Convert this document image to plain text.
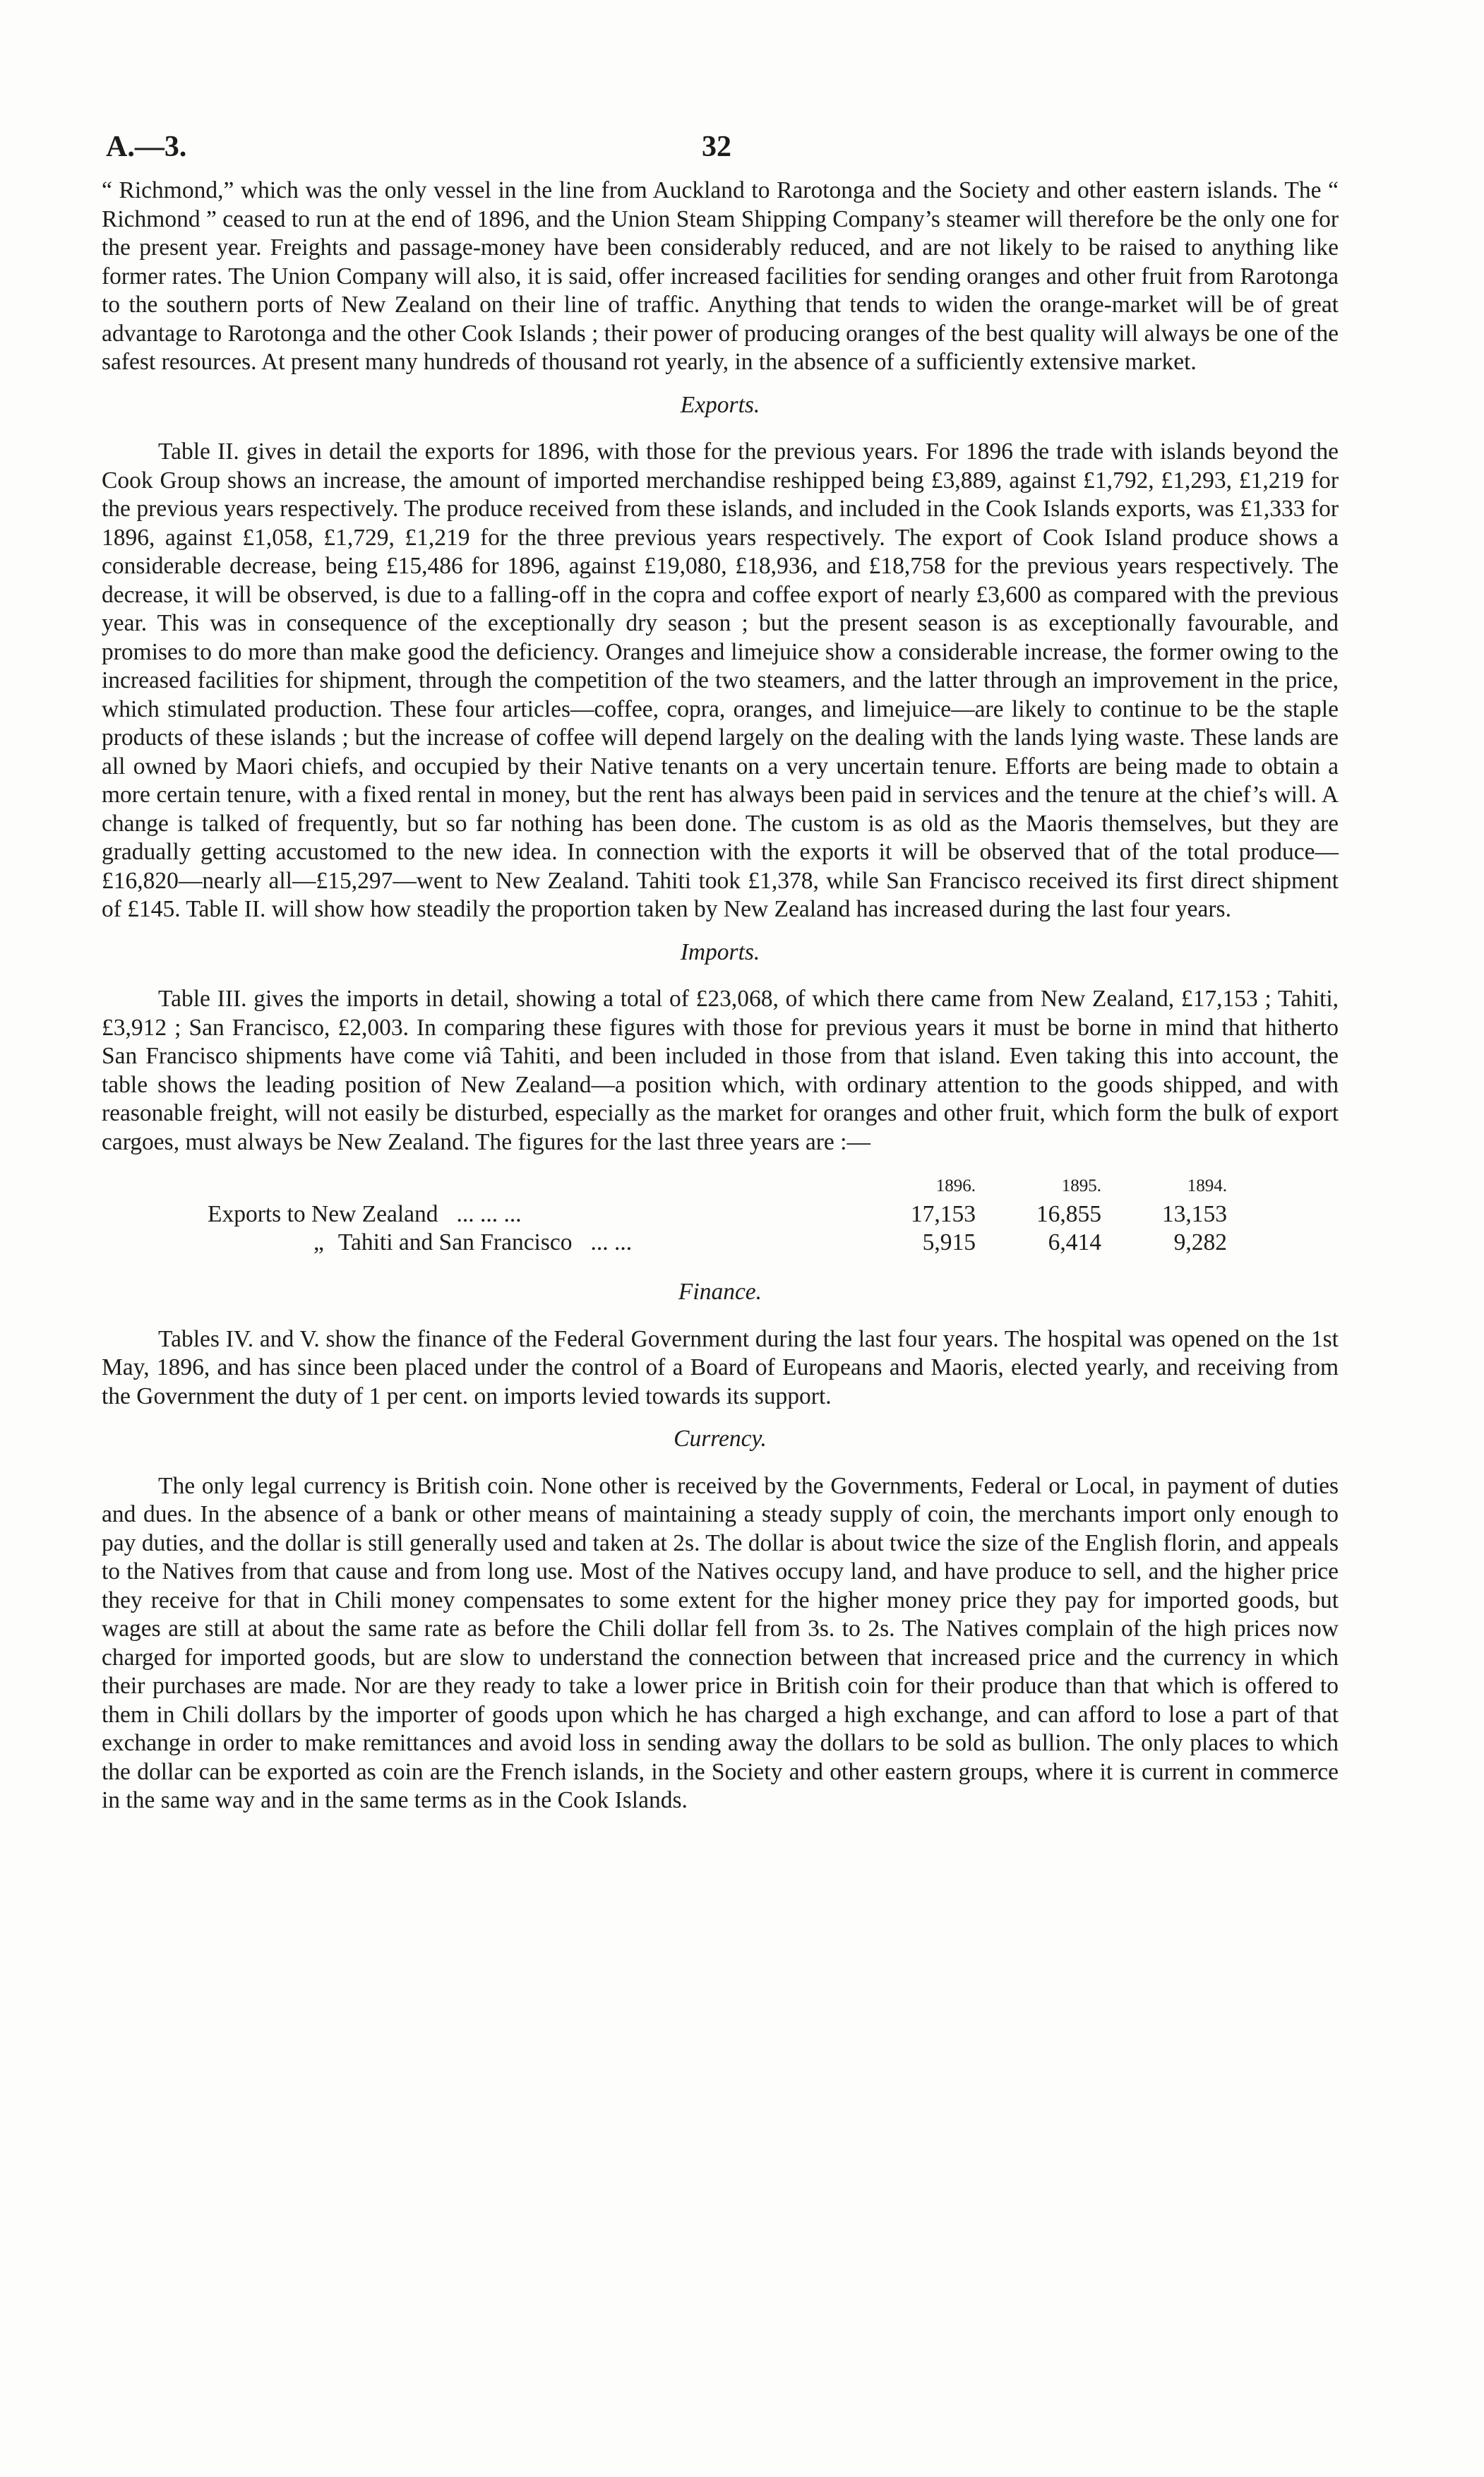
A.—3.	32

“ Richmond,” which was the only vessel in the line from Auckland to Rarotonga and the Society and other eastern islands. The “ Richmond ” ceased to run at the end of 1896, and the Union Steam Shipping Company’s steamer will therefore be the only one for the present year. Freights and passage-money have been considerably reduced, and are not likely to be raised to anything like former rates. The Union Company will also, it is said, offer increased facilities for sending oranges and other fruit from Rarotonga to the southern ports of New Zealand on their line of traffic. Anything that tends to widen the orange-market will be of great advantage to Rarotonga and the other Cook Islands ; their power of producing oranges of the best quality will always be one of the safest resources. At present many hundreds of thousand rot yearly, in the absence of a sufficiently extensive market.

Exports.

Table II. gives in detail the exports for 1896, with those for the previous years. For 1896 the trade with islands beyond the Cook Group shows an increase, the amount of imported merchandise reshipped being £3,889, against £1,792, £1,293, £1,219 for the previous years respectively. The produce received from these islands, and included in the Cook Islands exports, was £1,333 for 1896, against £1,058, £1,729, £1,219 for the three previous years respectively. The export of Cook Island produce shows a considerable decrease, being £15,486 for 1896, against £19,080, £18,936, and £18,758 for the previous years respectively. The decrease, it will be observed, is due to a falling-off in the copra and coffee export of nearly £3,600 as compared with the previous year. This was in consequence of the exceptionally dry season ; but the present season is as exceptionally favourable, and promises to do more than make good the deficiency. Oranges and limejuice show a considerable increase, the former owing to the increased facilities for shipment, through the competition of the two steamers, and the latter through an improvement in the price, which stimulated production. These four articles—coffee, copra, oranges, and limejuice—are likely to continue to be the staple products of these islands ; but the increase of coffee will depend largely on the dealing with the lands lying waste. These lands are all owned by Maori chiefs, and occupied by their Native tenants on a very uncertain tenure. Efforts are being made to obtain a more certain tenure, with a fixed rental in money, but the rent has always been paid in services and the tenure at the chief’s will. A change is talked of frequently, but so far nothing has been done. The custom is as old as the Maoris themselves, but they are gradually getting accustomed to the new idea. In connection with the exports it will be observed that of the total produce—£16,820—nearly all—£15,297—went to New Zealand. Tahiti took £1,378, while San Francisco received its first direct shipment of £145. Table II. will show how steadily the proportion taken by New Zealand has increased during the last four years.

Imports.

Table III. gives the imports in detail, showing a total of £23,068, of which there came from New Zealand, £17,153 ; Tahiti, £3,912 ; San Francisco, £2,003. In comparing these figures with those for previous years it must be borne in mind that hitherto San Francisco shipments have come viâ Tahiti, and been included in those from that island. Even taking this into account, the table shows the leading position of New Zealand—a position which, with ordinary attention to the goods shipped, and with reasonable freight, will not easily be disturbed, especially as the market for oranges and other fruit, which form the bulk of export cargoes, must always be New Zealand. The figures for the last three years are :—

1896.	1895.	1894.
Exports to New Zealand ... ... ...	17,153	16,855	13,153
„ Tahiti and San Francisco ... ...	5,915	6,414	9,282
Finance.

Tables IV. and V. show the finance of the Federal Government during the last four years. The hospital was opened on the 1st May, 1896, and has since been placed under the control of a Board of Europeans and Maoris, elected yearly, and receiving from the Government the duty of 1 per cent. on imports levied towards its support.

Currency.

The only legal currency is British coin. None other is received by the Governments, Federal or Local, in payment of duties and dues. In the absence of a bank or other means of maintaining a steady supply of coin, the merchants import only enough to pay duties, and the dollar is still generally used and taken at 2s. The dollar is about twice the size of the English florin, and appeals to the Natives from that cause and from long use. Most of the Natives occupy land, and have produce to sell, and the higher price they receive for that in Chili money compensates to some extent for the higher money price they pay for imported goods, but wages are still at about the same rate as before the Chili dollar fell from 3s. to 2s. The Natives complain of the high prices now charged for imported goods, but are slow to understand the connection between that increased price and the currency in which their purchases are made. Nor are they ready to take a lower price in British coin for their produce than that which is offered to them in Chili dollars by the importer of goods upon which he has charged a high exchange, and can afford to lose a part of that exchange in order to make remittances and avoid loss in sending away the dollars to be sold as bullion. The only places to which the dollar can be exported as coin are the French islands, in the Society and other eastern groups, where it is current in commerce in the same way and in the same terms as in the Cook Islands.
